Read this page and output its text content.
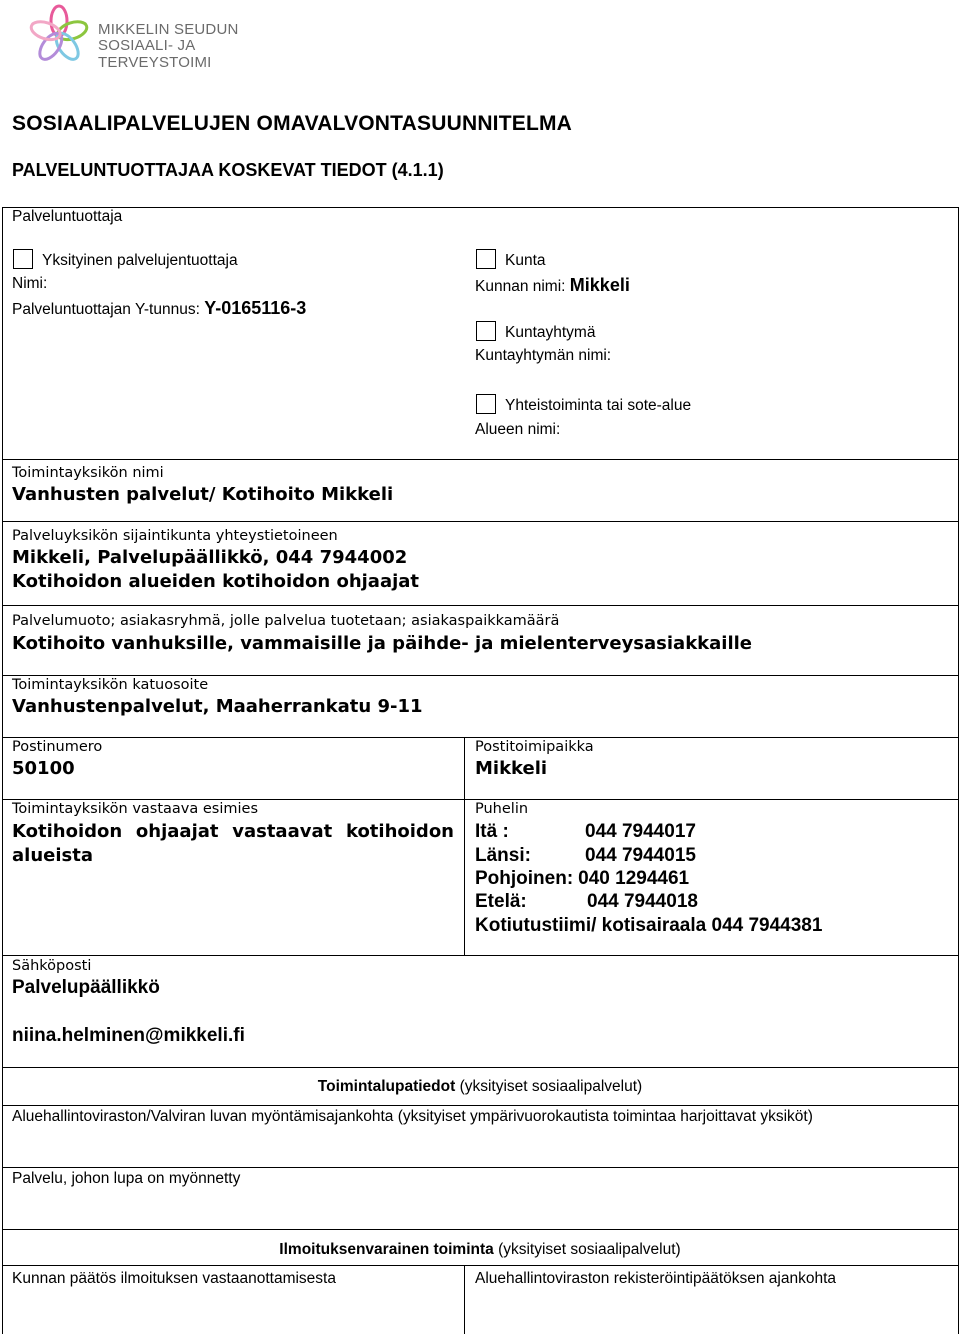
MIKKELIN SEUDUN
SOSIAALI- JA TERVEYSTOIMI
SOSIAALIPALVELUJEN OMAVALVONTASUUNNITELMA
PALVELUNTUOTTAJAA KOSKEVAT TIEDOT (4.1.1)
Palveluntuottaja
Yksityinen palvelujentuottaja
Nimi:
Palveluntuottajan Y-tunnus: Y-0165116-3
Kunta
Kunnan nimi: Mikkeli
Kuntayhtymä
Kuntayhtymän nimi:
Yhteistoiminta tai sote-alue
Alueen nimi:
Toimintayksikön nimi
Vanhusten palvelut/ Kotihoito Mikkeli
Palveluyksikön sijaintikunta yhteystietoineen
Mikkeli, Palvelupäällikkö, 044 7944002
Kotihoidon alueiden kotihoidon ohjaajat
Palvelumuoto; asiakasryhmä, jolle palvelua tuotetaan; asiakaspaikkamäärä
Kotihoito vanhuksille, vammaisille ja päihde- ja mielenterveysasiakkaille
Toimintayksikön katuosoite
Vanhustenpalvelut, Maaherrankatu 9-11
Postinumero
50100
Postitoimipaikka
Mikkeli
Toimintayksikön vastaava esimies
Kotihoidon ohjaajat vastaavat kotihoidon
alueista
Puhelin
Itä :	044 7944017
Länsi:	044 7944015
Pohjoinen: 040 1294461
Etelä:	044 7944018
Kotiutustiimi/ kotisairaala 044 7944381
Sähköposti
Palvelupäällikkö
niina.helminen@mikkeli.fi
Toimintalupatiedot (yksityiset sosiaalipalvelut)
Aluehallintoviraston/Valviran luvan myöntämisajankohta (yksityiset ympärivuorokautista toimintaa harjoittavat yksiköt)
Palvelu, johon lupa on myönnetty
Ilmoituksenvarainen toiminta (yksityiset sosiaalipalvelut)
Kunnan päätös ilmoituksen vastaanottamisesta	Aluehallintoviraston rekisteröintipäätöksen ajankohta
